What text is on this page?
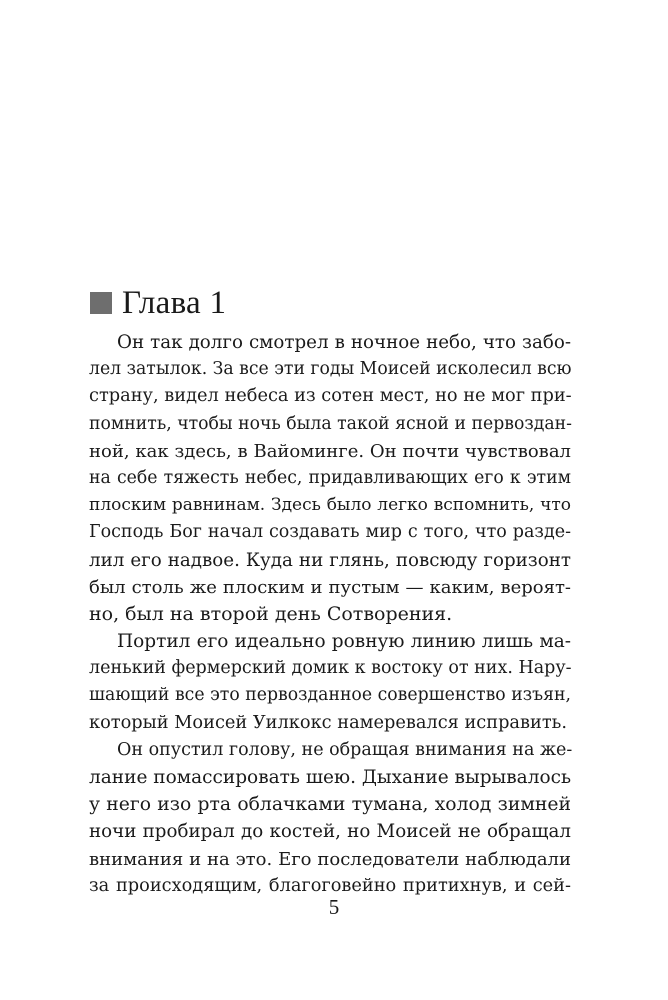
Глава 1
Он так долго смотрел в ночное небо, что забо-
лел затылок. За все эти годы Моисей исколесил всю
страну, видел небеса из сотен мест, но не мог при-
помнить, чтобы ночь была такой ясной и первоздан-
ной, как здесь, в Вайоминге. Он почти чувствовал
на себе тяжесть небес, придавливающих его к этим
плоским равнинам. Здесь было легко вспомнить, что
Господь Бог начал создавать мир с того, что разде-
лил его надвое. Куда ни глянь, повсюду горизонт
был столь же плоским и пустым — каким, вероят-
но, был на второй день Сотворения.
Портил его идеально ровную линию лишь ма-
ленький фермерский домик к востоку от них. Нару-
шающий все это первозданное совершенство изъян,
который Моисей Уилкокс намеревался исправить.
Он опустил голову, не обращая внимания на же-
лание помассировать шею. Дыхание вырывалось
у него изо рта облачками тумана, холод зимней
ночи пробирал до костей, но Моисей не обращал
внимания и на это. Его последователи наблюдали
за происходящим, благоговейно притихнув, и сей-
5
